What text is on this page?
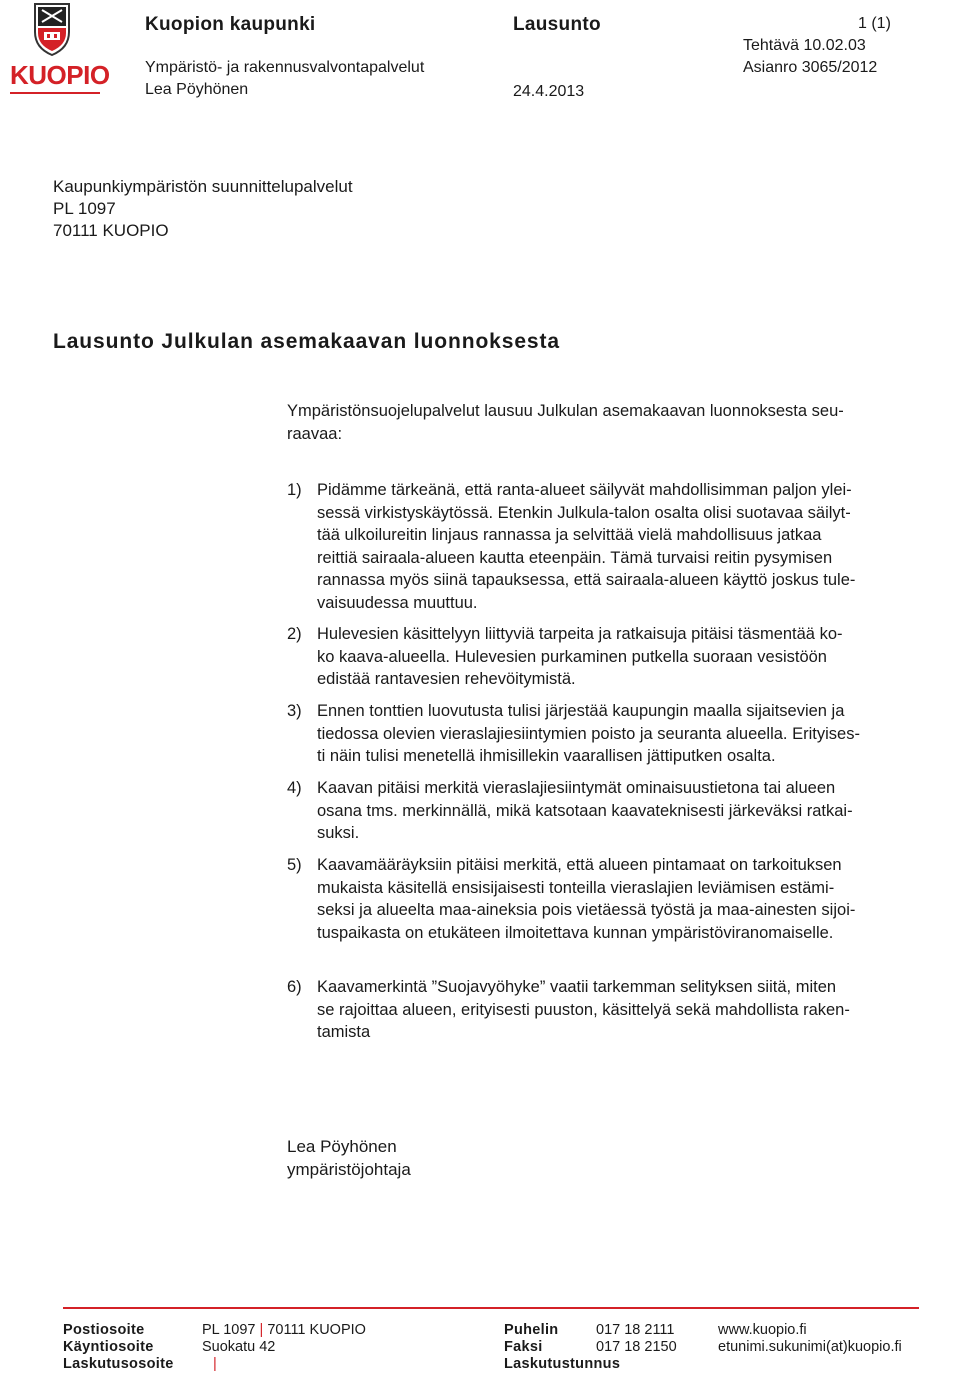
KUOPIO
Kuopion kaupunki	Lausunto	1 (1)
Tehtävä 10.02.03
Ympäristö- ja rakennusvalvontapalvelut	Asianro 3065/2012
Lea Pöyhönen	24.4.2013
Kaupunkiympäristön suunnittelupalvelut
PL 1097
70111 KUOPIO
Lausunto Julkulan asemakaavan luonnoksesta
Ympäristönsuojelupalvelut lausuu Julkulan asemakaavan luonnoksesta seu-
raavaa:
1) Pidämme tärkeänä, että ranta-alueet säilyvät mahdollisimman paljon ylei-
sessä virkistyskäytössä. Etenkin Julkula-talon osalta olisi suotavaa säilyt-
tää ulkoilureitin linjaus rannassa ja selvittää vielä mahdollisuus jatkaa
reittiä sairaala-alueen kautta eteenpäin. Tämä turvaisi reitin pysymisen
rannassa myös siinä tapauksessa, että sairaala-alueen käyttö joskus tule-
vaisuudessa muuttuu.
2) Hulevesien käsittelyyn liittyviä tarpeita ja ratkaisuja pitäisi täsmentää ko-
ko kaava-alueella. Hulevesien purkaminen putkella suoraan vesistöön
edistää rantavesien rehevöitymistä.
3) Ennen tonttien luovutusta tulisi järjestää kaupungin maalla sijaitsevien ja
tiedossa olevien vieraslajiesiintymien poisto ja seuranta alueella. Erityises-
ti näin tulisi menetellä ihmisillekin vaarallisen jättiputken osalta.
4) Kaavan pitäisi merkitä vieraslajiesiintymät ominaisuustietona tai alueen
osana tms. merkinnällä, mikä katsotaan kaavateknisesti järkeväksi ratkai-
suksi.
5) Kaavamääräyksiin pitäisi merkitä, että alueen pintamaat on tarkoituksen
mukaista käsitellä ensisijaisesti tonteilla vieraslajien leviämisen estämi-
seksi ja alueelta maa-aineksia pois vietäessä työstä ja maa-ainesten sijoi-
tuspaikasta on etukäteen ilmoitettava kunnan ympäristöviranomaiselle.
6) Kaavamerkintä ”Suojavyöhyke” vaatii tarkemman selityksen siitä, miten
se rajoittaa alueen, erityisesti puuston, käsittelyä sekä mahdollista raken-
tamista
Lea Pöyhönen
ympäristöjohtaja
Postiosoite	PL 1097 | 70111 KUOPIO	Puhelin	017 18 2111	www.kuopio.fi
Käyntiosoite	Suokatu 42	Faksi	017 18 2150	etunimi.sukunimi(at)kuopio.fi
Laskutusosoite	|	Laskutustunnus
